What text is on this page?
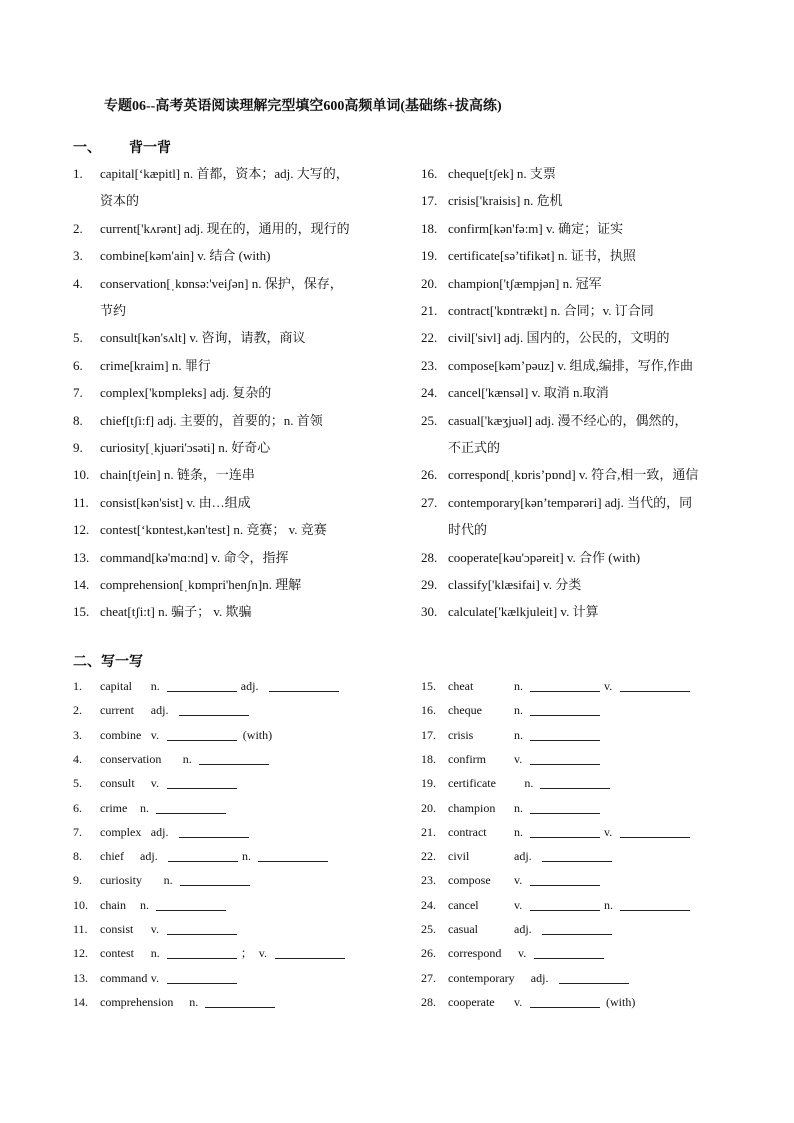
专题06--高考英语阅读理解完型填空600高频单词(基础练+拔高练)
一、 背一背
1.	capital[‘kæpitl] n. 首都，资本；adj. 大写的，
资本的
2.	current['kʌrənt] adj. 现在的，通用的，现行的
3.	combine[kəm'ain] v. 结合 (with)
4.	conservation[ˌkɒnsə:'veiʃən] n. 保护，保存，
节约
5.	consult[kən'sʌlt] v. 咨询，请教，商议
6.	crime[kraim] n. 罪行
7.	complex['kɒmpleks] adj. 复杂的
8.	chief[tʃi:f] adj. 主要的，首要的；n. 首领
9.	curiosity[ˌkjuəri'ɔsəti] n. 好奇心
10. chain[tʃein] n. 链条，一连串
11. consist[kən'sist] v. 由…组成
12. contest[‘kɒntest,kən'test] n. 竞赛； v. 竞赛
13. command[kə'mɑ:nd] v. 命令，指挥
14. comprehension[ˌkɒmpri'henʃn]n. 理解
15. cheat[tʃi:t] n. 骗子； v. 欺骗
16. cheque[tʃek] n. 支票
17. crisis['kraisis] n. 危机
18. confirm[kən'fə:m] v. 确定；证实
19. certificate[sə’tifikət] n. 证书，执照
20. champion['tʃæmpjən] n. 冠军
21. contract['kɒntrækt] n. 合同；v. 订合同
22. civil['sivl] adj. 国内的，公民的，文明的
23. compose[kəm’pəuz] v. 组成,编排，写作,作曲
24. cancel['kænsəl] v. 取消 n.取消
25. casual['kæʒjuəl] adj. 漫不经心的，偶然的，
不正式的
26. correspond[ˌkɒris’pɒnd] v. 符合,相一致，通信
27. contemporary[kən’tempərəri] adj. 当代的，同
时代的
28. cooperate[kəu'ɔpəreit] v. 合作 (with)
29. classify['klæsifai] v. 分类
30. calculate['kælkjuleit] v. 计算
二、写一写
1.	capital n.	adj.
2.	current adj.
3.	combine v.	(with)
4.	conservation n.
5.	consult v.
6.	crime n.
7.	complex adj.
8.	chief adj.	n.
9.	curiosity n.
10.	chain n.
11.	consist v.
12.	contest n.	； v.
13.	command v.
14.	comprehension n.
15.	cheat	n.	v.
16.	cheque	n.
17.	crisis	n.
18.	confirm v.
19.	certificate n.
20.	champion n.
21.	contract n.	v.
22.	civil	adj.
23.	compose v.
24.	cancel	v.	n.
25.	casual	adj.
26.	correspond v.
27.	contemporary adj.
28.	cooperate v.	(with)
